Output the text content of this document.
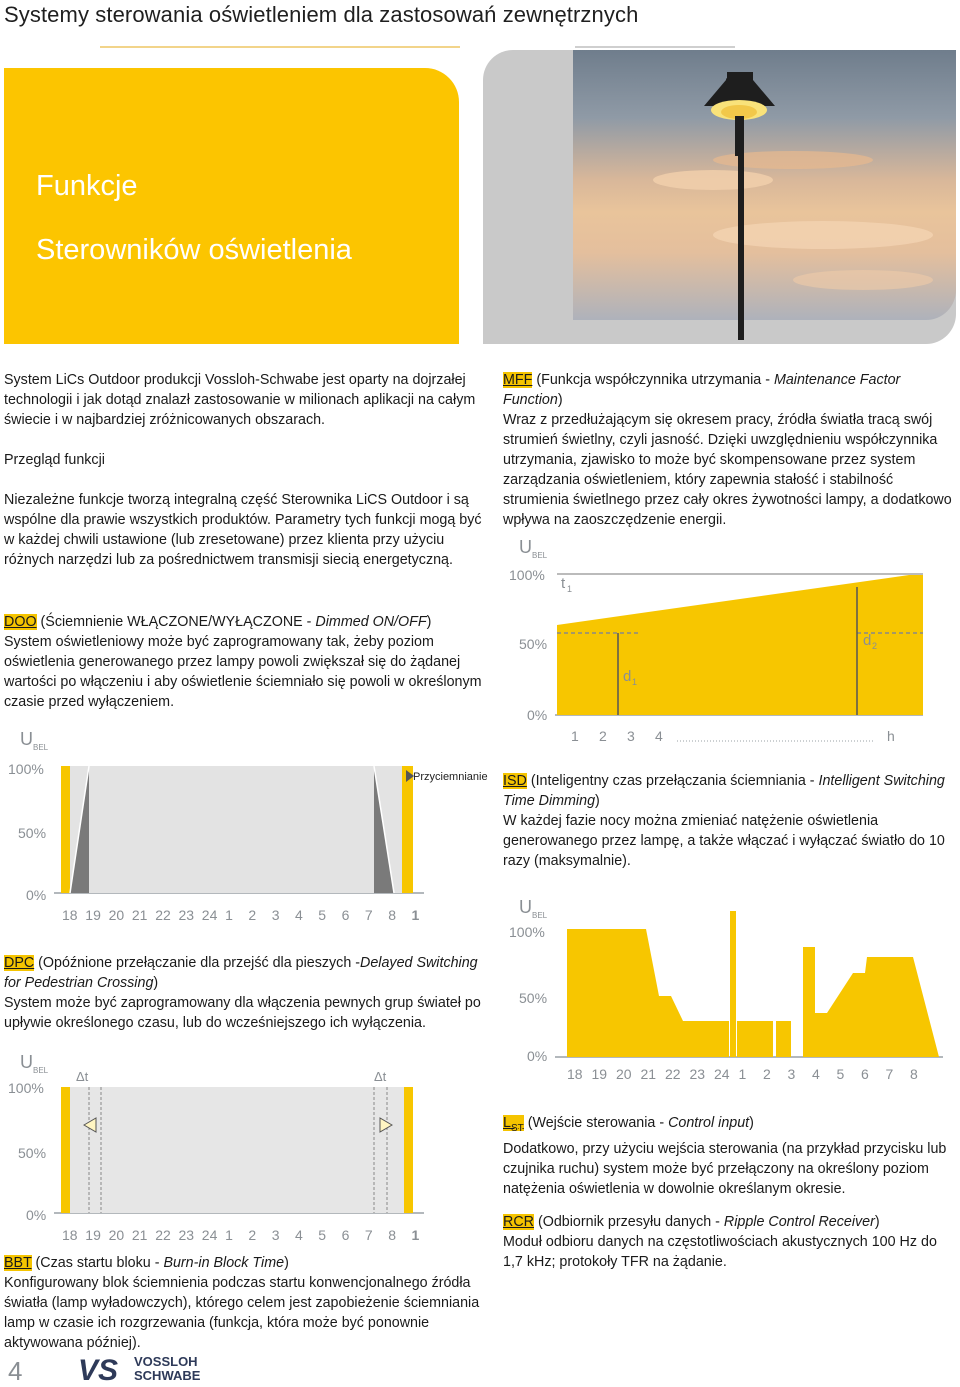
Systemy sterowania oświetleniem dla zastosowań zewnętrznych
Funkcje
Sterowników oświetlenia

System LiCs Outdoor produkcji Vossloh-Schwabe jest oparty na dojrzałej technologii i jak dotąd znalazł zastosowanie w milionach aplikacji na całym świecie i w najbardziej zróżnicowanych obszarach.

Przegląd funkcji

Niezależne funkcje tworzą integralną część Sterownika LiCS Outdoor i są wspólne dla prawie wszystkich produktów. Parametry tych funkcji mogą być w każdej chwili ustawione (lub zresetowane) przez klienta przy użyciu różnych narzędzi lub za pośrednictwem transmisji siecią energetyczną.

DOO (Ściemnienie WŁĄCZONE/WYŁĄCZONE - Dimmed ON/OFF)

System oświetleniowy może być zaprogramowany tak, żeby poziom oświetlenia generowanego przez lampy powoli zwiększał się do żądanej wartości po włączeniu i aby oświetlenie ściemniało się powoli w określonym czasie przed wyłączeniem.

U BEL
100%
50%
0%
18 19 20 21 22 23 24 1 2 3 4 5 6 7 8 1
Przyciemnianie

DPC (Opóźnione przełączanie dla przejść dla pieszych -Delayed Switching for Pedestrian Crossing)

System może być zaprogramowany dla włączenia pewnych grup świateł po upływie określonego czasu, lub do wcześniejszego ich wyłączenia.

U BEL
100%
50%
0%
Δt	Δt
18 19 20 21 22 23 24 1 2 3 4 5 6 7 8 1

BBT (Czas startu bloku - Burn-in Block Time)

Konfigurowany blok ściemnienia podczas startu konwencjonalnego źródła światła (lamp wyładowczych), którego celem jest zapobieżenie ściemniania lamp w czasie ich rozgrzewania (funkcja, która może być ponownie aktywowana później).

MFF (Funkcja współczynnika utrzymania - Maintenance Factor Function)

Wraz z przedłużającym się okresem pracy, źródła światła tracą swój strumień świetlny, czyli jasność. Dzięki uwzględnieniu współczynnika utrzymania, zjawisko to może być skompensowane przez system zarządzania oświetleniem, który zapewnia stałość i stabilność strumienia świetlnego przez cały okres żywotności lampy, a dodatkowo wpływa na zaoszczędzenie energii.

U BEL
100%
50%
0%
d 1
d 2
t 1
1 2 3 4	h

ISD (Inteligentny czas przełączania ściemniania - Intelligent Switching Time Dimming)

W każdej fazie nocy można zmieniać natężenie oświetlenia generowanego przez lampę, a także włączać i wyłączać światło do 10 razy (maksymalnie).

U BEL
100%
50%
0%
18 19 20 21 22 23 24 1 2 3 4 5 6 7 8

$L_{ST}$ (Wejście sterowania - Control input)

Dodatkowo, przy użyciu wejścia sterowania (na przykład przycisku lub czujnika ruchu) system może być przełączony na określony poziom natężenia oświetlenia w dowolnie określanym okresie.

RCR (Odbiornik przesyłu danych - Ripple Control Receiver)

Moduł odbioru danych na częstotliwościach akustycznych 100 Hz do 1,7 kHz; protokoły TFR na żądanie.

4 VS VOSSLOH
SCHWABE
